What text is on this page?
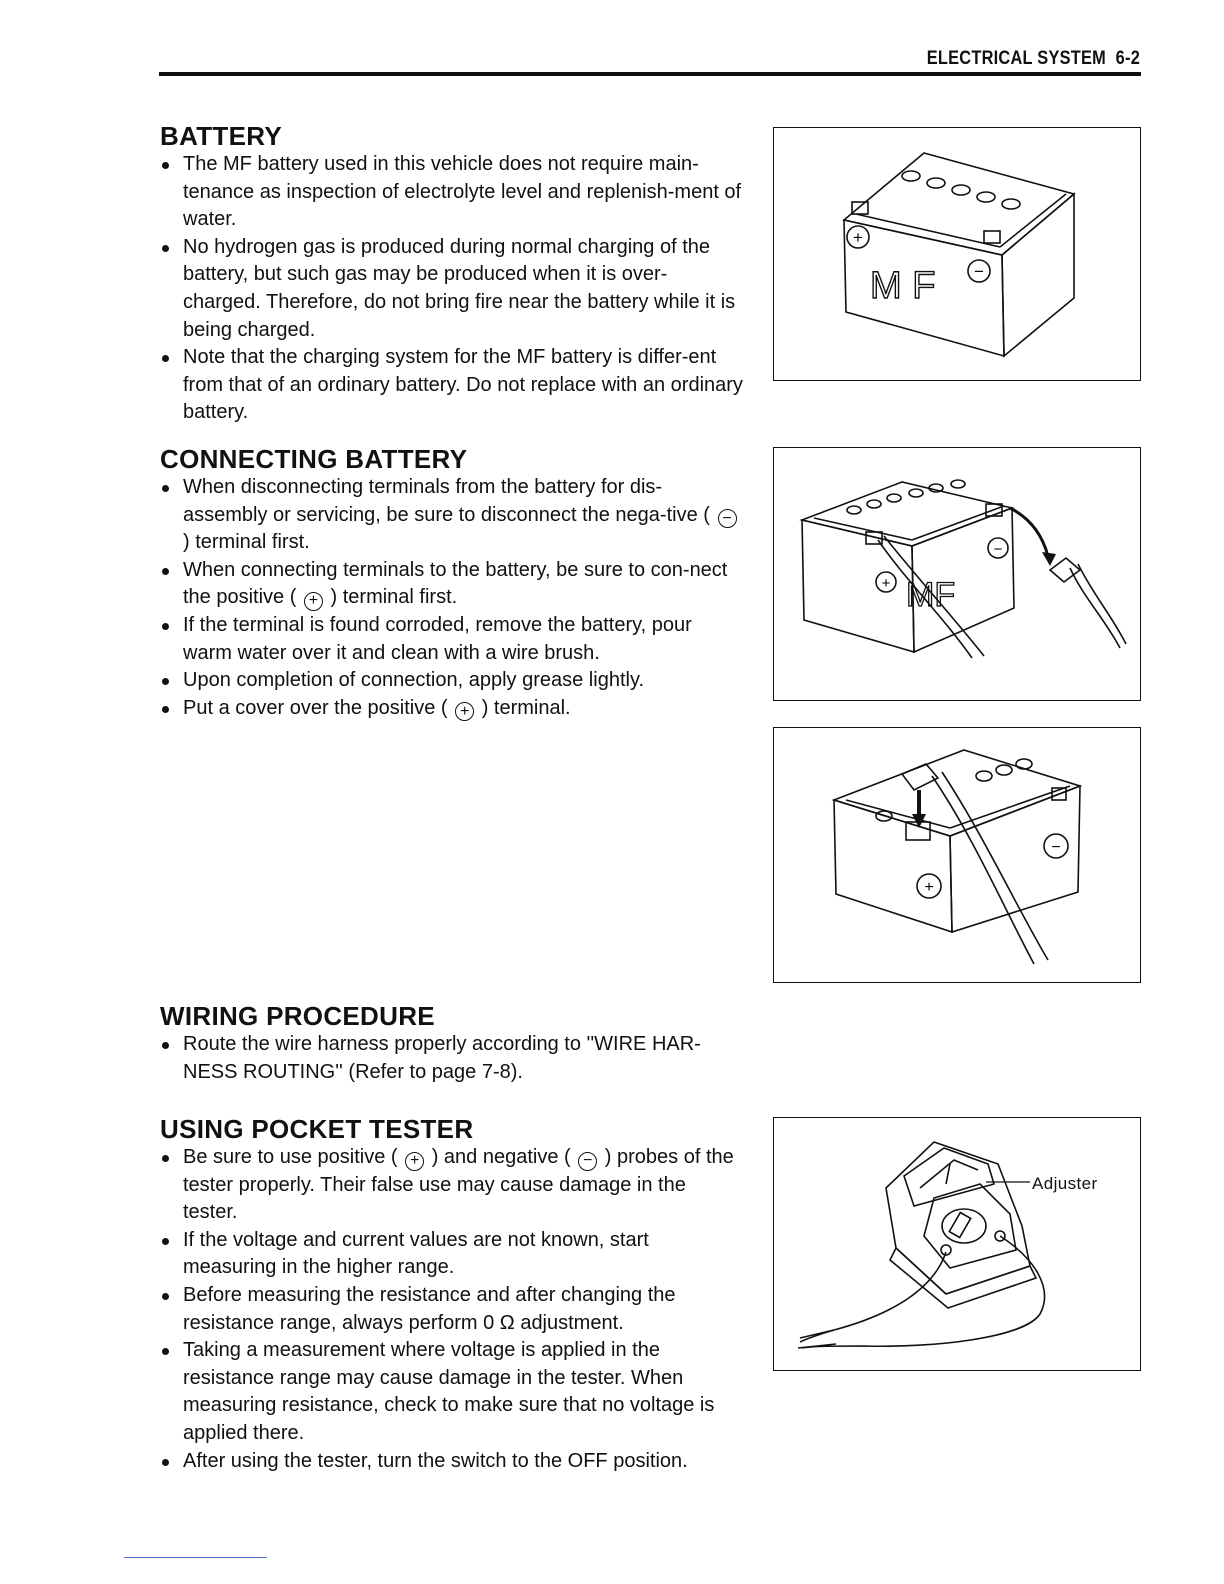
ELECTRICAL SYSTEM 6-2
BATTERY
The MF battery used in this vehicle does not require main-tenance as inspection of electrolyte level and replenish-ment of water.
No hydrogen gas is produced during normal charging of the battery, but such gas may be produced when it is over-charged. Therefore, do not bring fire near the battery while it is being charged.
Note that the charging system for the MF battery is differ-ent from that of an ordinary battery. Do not replace with an ordinary battery.
CONNECTING BATTERY
When disconnecting terminals from the battery for dis-assembly or servicing, be sure to disconnect the nega-tive ( − ) terminal first.
When connecting terminals to the battery, be sure to con-nect the positive ( + ) terminal first.
If the terminal is found corroded, remove the battery, pour warm water over it and clean with a wire brush.
Upon completion of connection, apply grease lightly.
Put a cover over the positive ( + ) terminal.
WIRING PROCEDURE
Route the wire harness properly according to ''WIRE HAR-NESS ROUTING'' (Refer to page 7-8).
USING POCKET TESTER
Be sure to use positive ( + ) and negative ( − ) probes of the tester properly. Their false use may cause damage in the tester.
If the voltage and current values are not known, start measuring in the higher range.
Before measuring the resistance and after changing the resistance range, always perform 0 Ω adjustment.
Taking a measurement where voltage is applied in the resistance range may cause damage in the tester. When measuring resistance, check to make sure that no voltage is applied there.
After using the tester, turn the switch to the OFF position.
+
−
M F
+
−
MF
+
−
Adjuster
